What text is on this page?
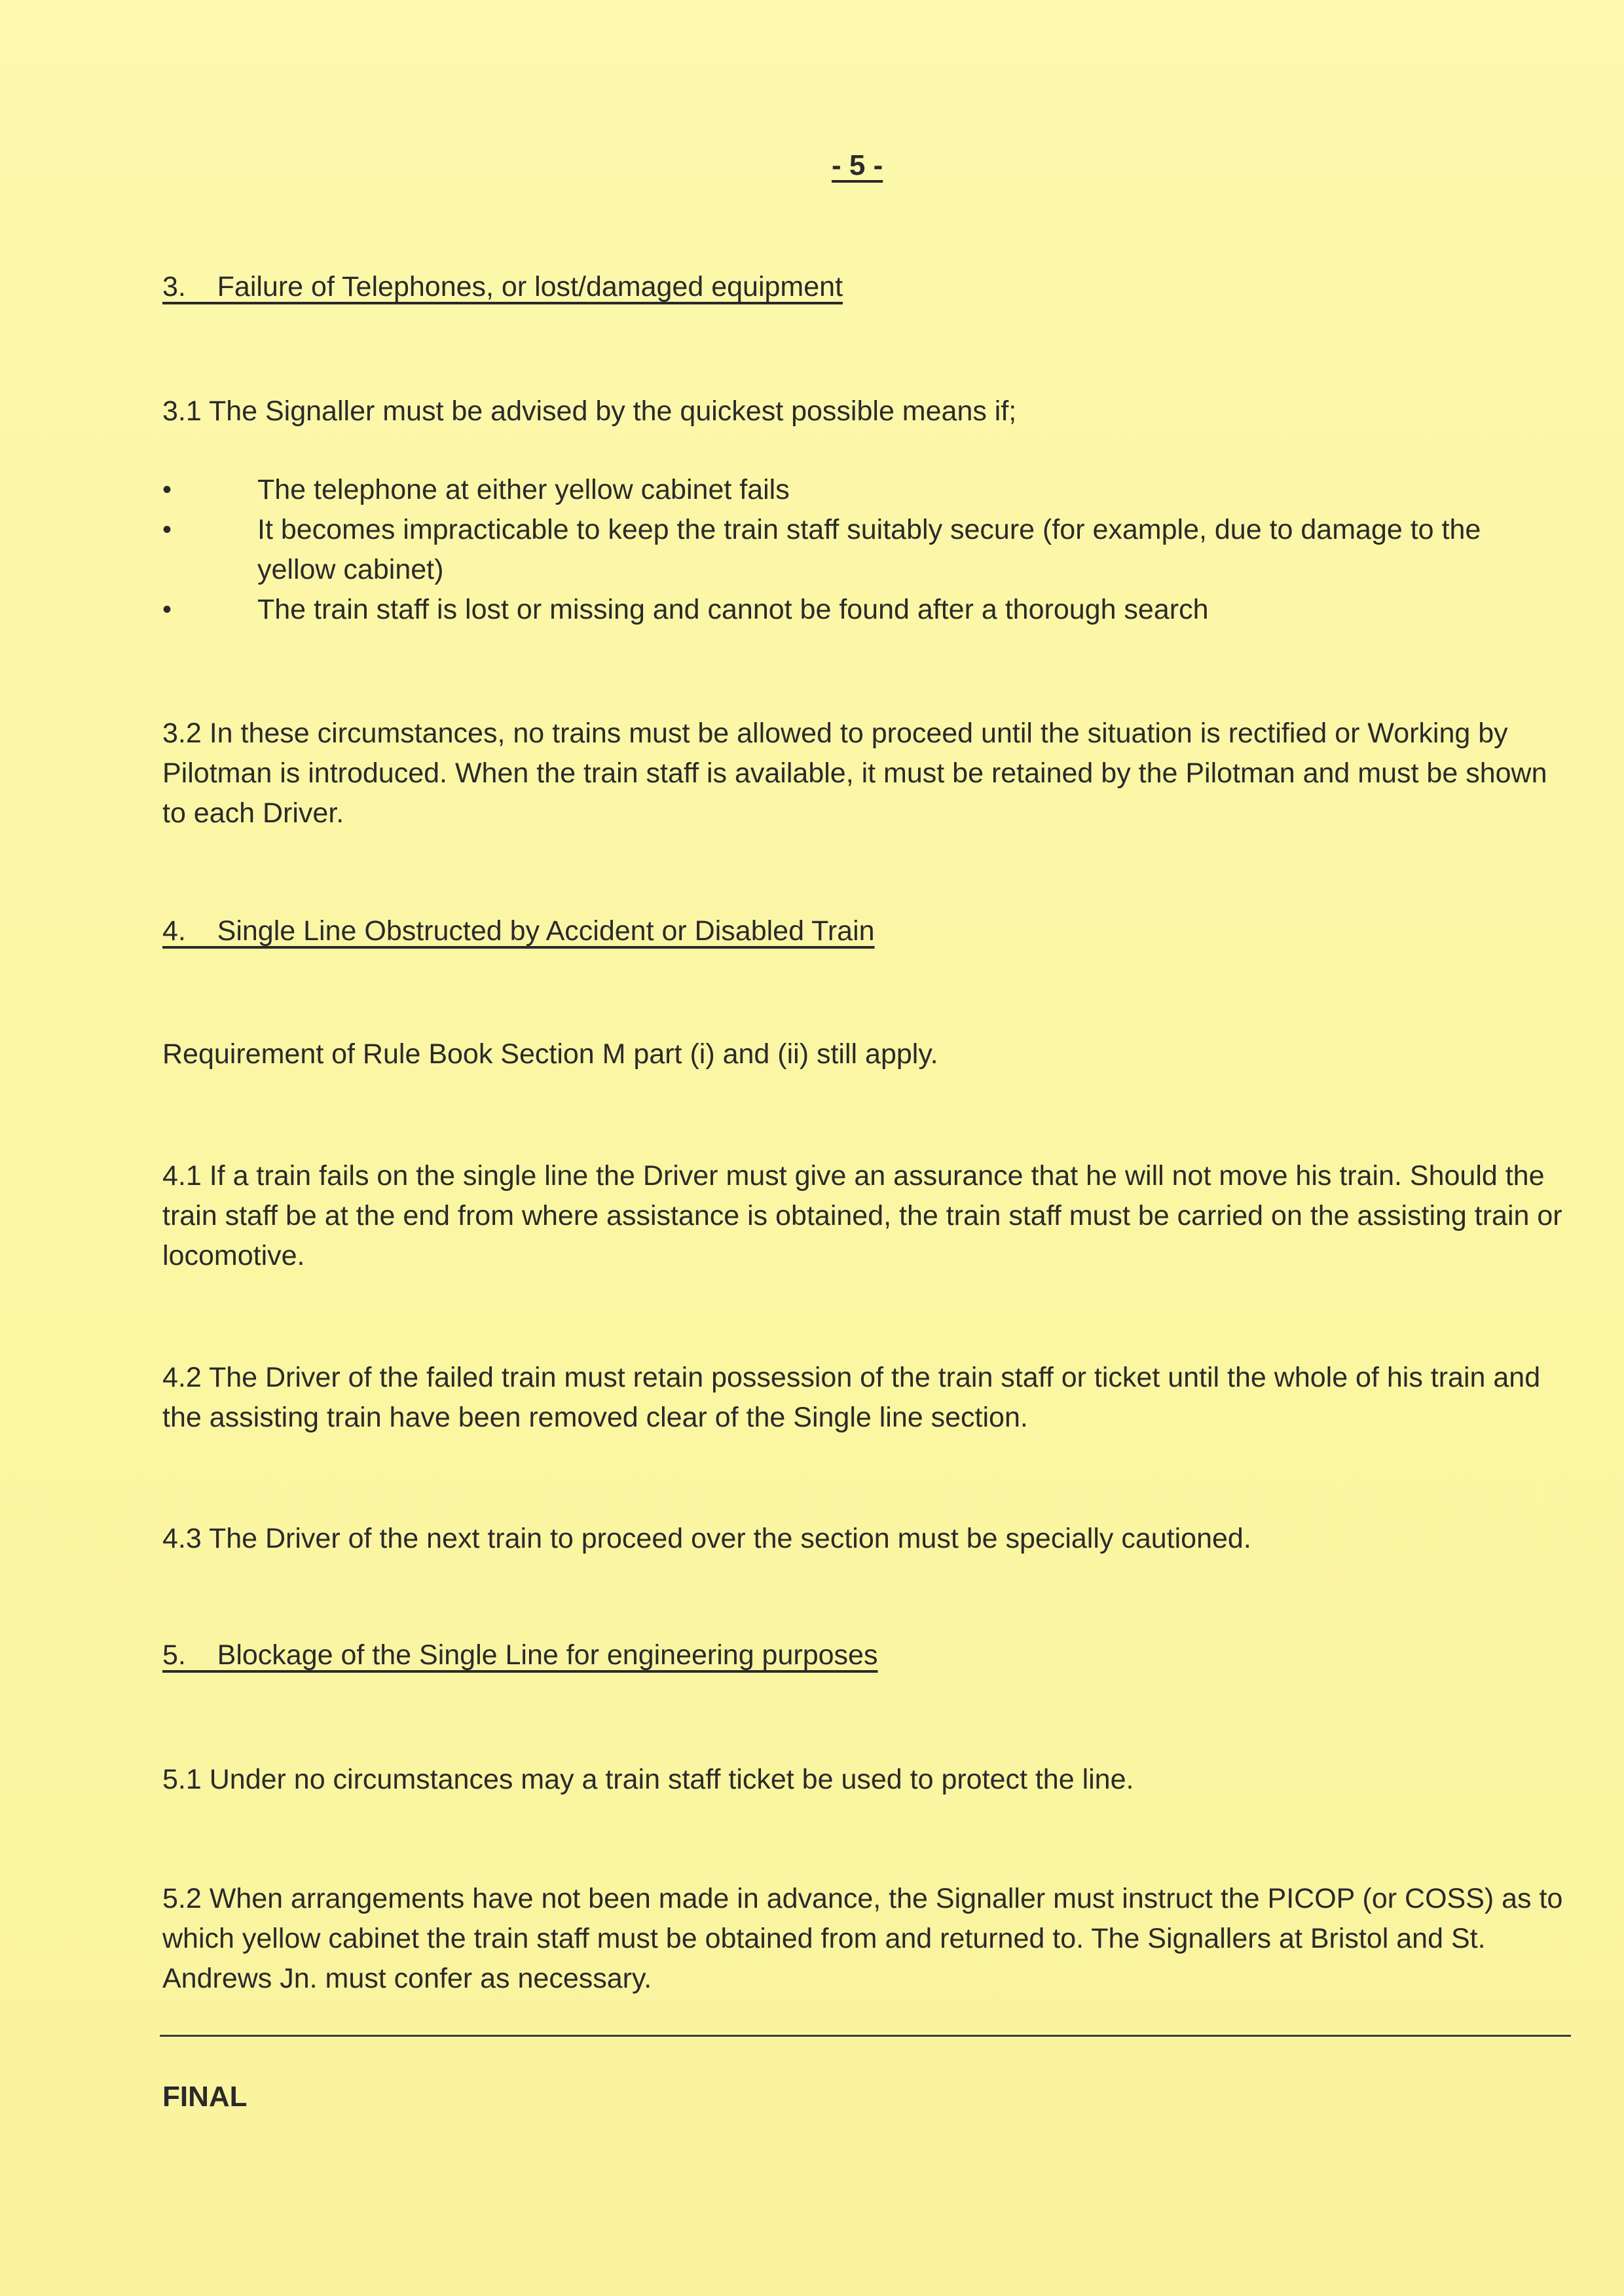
- 5 -
3.    Failure of Telephones, or lost/damaged equipment
3.1 The Signaller must be advised by the quickest possible means if;
•	The telephone at either yellow cabinet fails
•	It becomes impracticable to keep the train staff suitably secure (for example, due to damage to the yellow cabinet)
•	The train staff is lost or missing and cannot be found after a thorough search
3.2 In these circumstances, no trains must be allowed to proceed until the situation is rectified or Working by Pilotman is introduced. When the train staff is available, it must be retained by the Pilotman and must be shown to each Driver.
4.    Single Line Obstructed by Accident or Disabled Train
Requirement of Rule Book Section M part (i) and (ii) still apply.
4.1 If a train fails on the single line the Driver must give an assurance that he will not move his train. Should the train staff be at the end from where assistance is obtained, the train staff must be carried on the assisting train or locomotive.
4.2 The Driver of the failed train must retain possession of the train staff or ticket until the whole of his train and the assisting train have been removed clear of the Single line section.
4.3 The Driver of the next train to proceed over the section must be specially cautioned.
5.    Blockage of the Single Line for engineering purposes
5.1 Under no circumstances may a train staff ticket be used to protect the line.
5.2 When arrangements have not been made in advance, the Signaller must instruct the PICOP (or COSS) as to which yellow cabinet the train staff must be obtained from and returned to. The Signallers at Bristol and St. Andrews Jn. must confer as necessary.
FINAL
